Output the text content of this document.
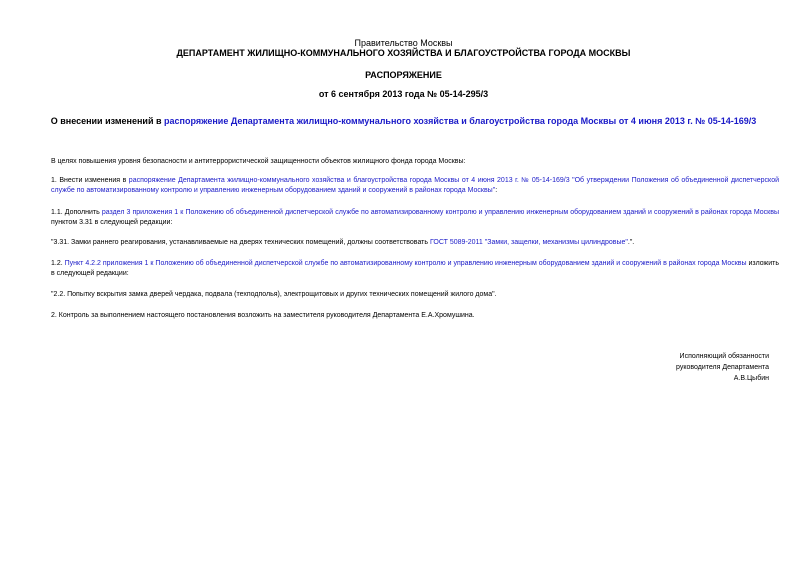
Правительство Москвы
ДЕПАРТАМЕНТ ЖИЛИЩНО-КОММУНАЛЬНОГО ХОЗЯЙСТВА И БЛАГОУСТРОЙСТВА ГОРОДА МОСКВЫ
РАСПОРЯЖЕНИЕ
от 6 сентября 2013 года № 05-14-295/3
О внесении изменений в распоряжение Департамента жилищно-коммунального хозяйства и благоустройства города Москвы от 4 июня 2013 г. № 05-14-169/3
В целях повышения уровня безопасности и антитеррористической защищенности объектов жилищного фонда города Москвы:
1. Внести изменения в распоряжение Департамента жилищно-коммунального хозяйства и благоустройства города Москвы от 4 июня 2013 г. № 05-14-169/3 "Об утверждении Положения об объединенной диспетчерской службе по автоматизированному контролю и управлению инженерным оборудованием зданий и сооружений в районах города Москвы":
1.1. Дополнить раздел 3 приложения 1 к Положению об объединенной диспетчерской службе по автоматизированному контролю и управлению инженерным оборудованием зданий и сооружений в районах города Москвы пунктом 3.31 в следующей редакции:
"3.31. Замки раннего реагирования, устанавливаемые на дверях технических помещений, должны соответствовать ГОСТ 5089-2011 "Замки, защелки, механизмы цилиндровые".".
1.2. Пункт 4.2.2 приложения 1 к Положению об объединенной диспетчерской службе по автоматизированному контролю и управлению инженерным оборудованием зданий и сооружений в районах города Москвы изложить в следующей редакции:
"2.2. Попытку вскрытия замка дверей чердака, подвала (техподполья), электрощитовых и других технических помещений жилого дома".
2. Контроль за выполнением настоящего постановления возложить на заместителя руководителя Департамента Е.А.Хромушина.
Исполняющий обязанности
руководителя Департамента
А.В.Цыбин
